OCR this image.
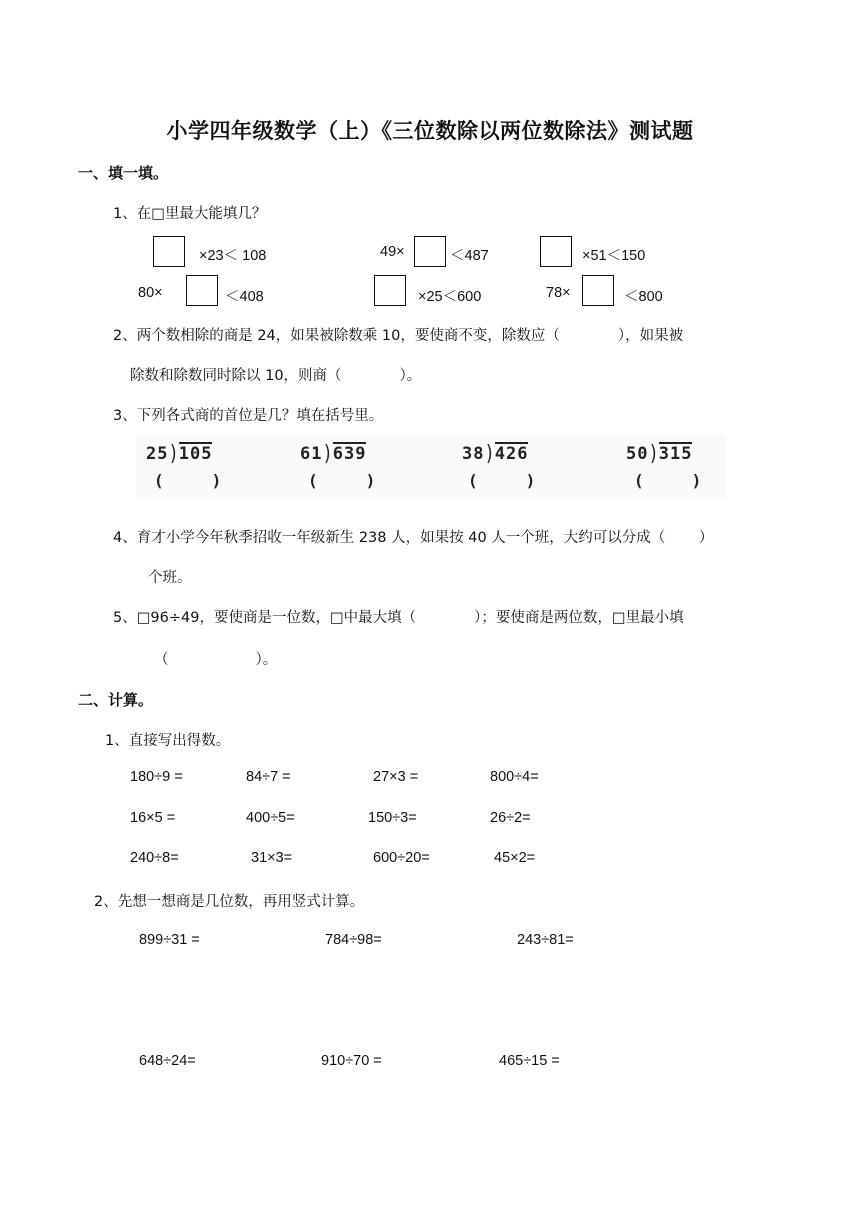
小学四年级数学（上）《三位数除以两位数除法》测试题
一、填一填。
1、在□里最大能填几？
×23＜ 108	49×	＜487	×51＜150
80×	＜408	×25＜600	78×	＜800
2、两个数相除的商是 24，如果被除数乘 10，要使商不变，除数应（　　　　），如果被
除数和除数同时除以 10，则商（　　　　）。
3、下列各式商的首位是几？填在括号里。
25)105
(	)
61)639
(	)
38)426
(	)
50)315
(	)
4、育才小学今年秋季招收一年级新生 238 人，如果按 40 人一个班，大约可以分成（　　 ）
个班。
5、□96÷49，要使商是一位数，□中最大填（　　　　）；要使商是两位数，□里最小填
（　　　　　　）。
二、计算。
1、直接写出得数。
180÷9 =	84÷7 =	27×3 =	800÷4=
16×5 =	400÷5=	150÷3=	26÷2=
240÷8=	31×3=	600÷20=	45×2=
2、先想一想商是几位数，再用竖式计算。
899÷31 =	784÷98=	243÷81=
648÷24=	910÷70 =	465÷15 =
